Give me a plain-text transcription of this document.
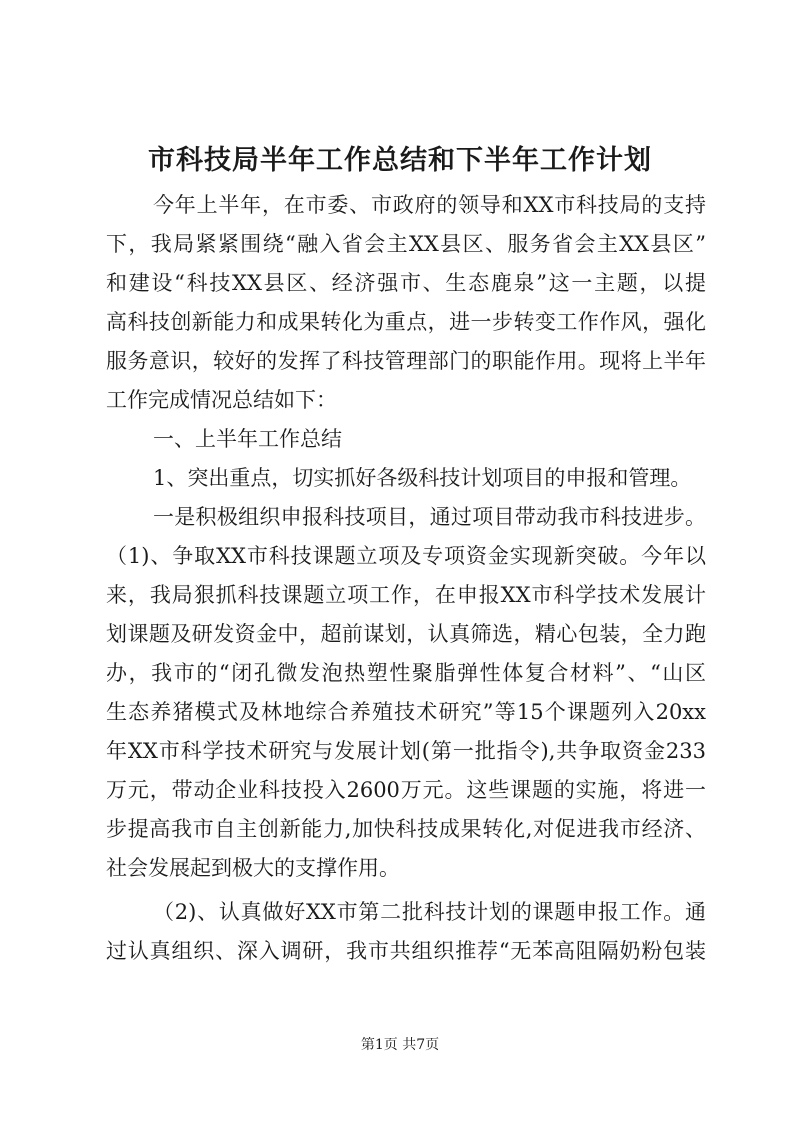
市科技局半年工作总结和下半年工作计划
今年上半年，在市委、市政府的领导和XX市科技局的支持
下，我局紧紧围绕“融入省会主XX县区、服务省会主XX县区”
和建设“科技XX县区、经济强市、生态鹿泉”这一主题，以提
高科技创新能力和成果转化为重点，进一步转变工作作风，强化
服务意识，较好的发挥了科技管理部门的职能作用。现将上半年
工作完成情况总结如下：
一、上半年工作总结
1、突出重点，切实抓好各级科技计划项目的申报和管理。
一是积极组织申报科技项目，通过项目带动我市科技进步。
（1)、争取XX市科技课题立项及专项资金实现新突破。今年以
来，我局狠抓科技课题立项工作，在申报XX市科学技术发展计
划课题及研发资金中，超前谋划，认真筛选，精心包装，全力跑
办，我市的“闭孔微发泡热塑性聚脂弹性体复合材料”、“山区
生态养猪模式及林地综合养殖技术研究”等15个课题列入20xx
年XX市科学技术研究与发展计划(第一批指令),共争取资金233
万元，带动企业科技投入2600万元。这些课题的实施，将进一
步提高我市自主创新能力,加快科技成果转化,对促进我市经济、
社会发展起到极大的支撑作用。
（2)、认真做好XX市第二批科技计划的课题申报工作。通
过认真组织、深入调研，我市共组织推荐“无苯高阻隔奶粉包装
第1页 共7页
